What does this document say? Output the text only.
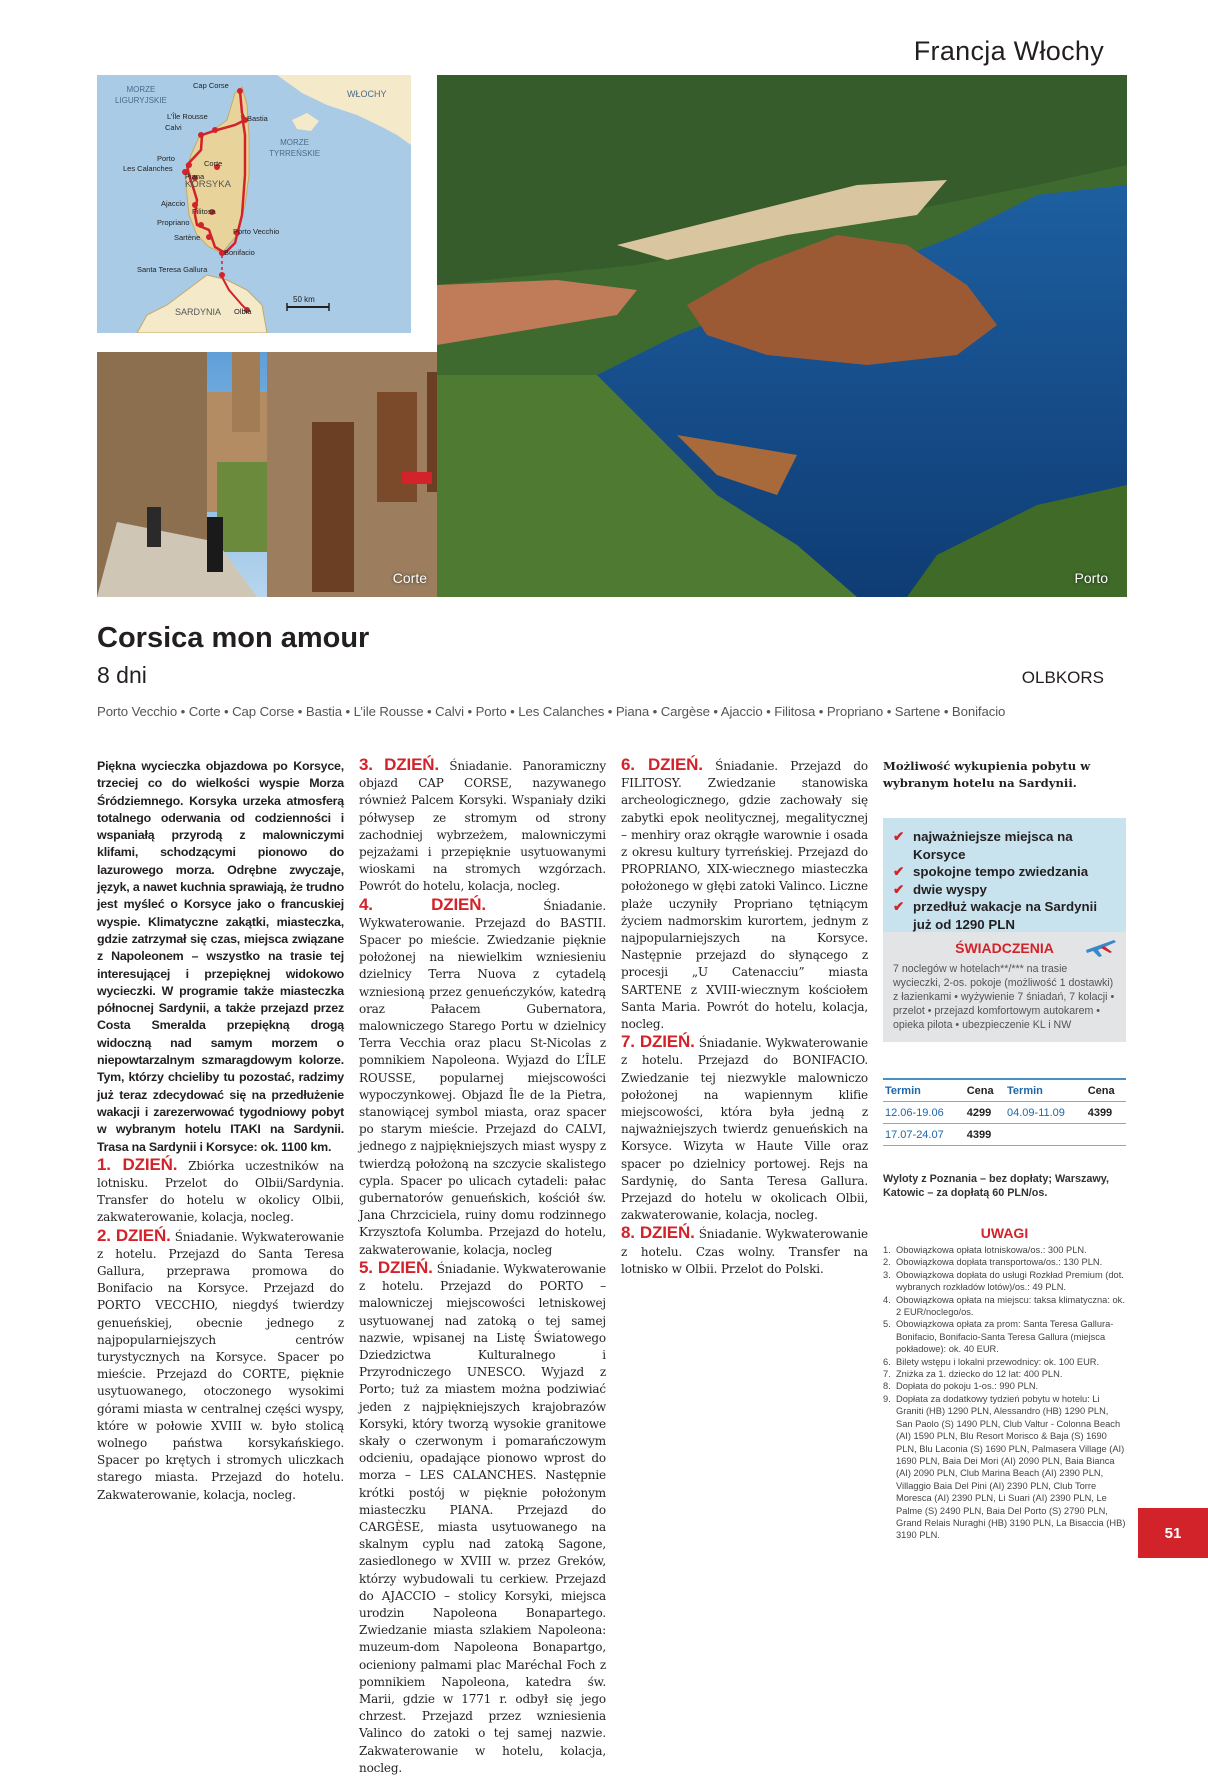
Francja Włochy
MORZE
LIGURYJSKIE
MORZE
TYRREŃSKIE
WŁOCHY
KORSYKA
SARDYNIA
Cap Corse
Bastia
L’Île Rousse
Calvi
Porto
Les Calanches
Corte
Piana
Ajaccio
Filitosa
Propriano
Porto Vecchio
Sartène
Bonifacio
Santa Teresa Gallura
Olbia
50 km
Corte	Porto
Corsica mon amour
8 dni	OLBKORS
Porto Vecchio • Corte • Cap Corse • Bastia • L’ile Rousse • Calvi • Porto • Les Calanches • Piana • Cargèse • Ajaccio • Filitosa • Propriano • Sartene • Bonifacio

Piękna wycieczka objazdowa po Korsyce, trzeciej co do wielkości wyspie Morza Śródziemnego. Korsyka urzeka atmosferą totalnego oderwania od codzienności i wspaniałą przyrodą z malowniczymi klifami, schodzącymi pionowo do lazurowego morza. Odrębne zwyczaje, język, a nawet kuchnia sprawiają, że trudno jest myśleć o Korsyce jako o francuskiej wyspie. Klimatyczne zakątki, miasteczka, gdzie zatrzymał się czas, miejsca związane z Napoleonem – wszystko na trasie tej interesującej i przepięknej widokowo wycieczki. W programie także miasteczka północnej Sardynii, a także przejazd przez Costa Smeralda przepiękną drogą widoczną nad samym morzem o niepowtarzalnym szmaragdowym kolorze. Tym, którzy chcieliby tu pozostać, radzimy już teraz zdecydować się na przedłużenie wakacji i zarezerwować tygodniowy pobyt w wybranym hotelu ITAKI na Sardynii. Trasa na Sardynii i Korsyce: ok. 1100 km.

1. DZIEŃ. Zbiórka uczestników na lotnisku. Przelot do Olbii/Sardynia. Transfer do hotelu w okolicy Olbii, zakwaterowanie, kolacja, nocleg.

2. DZIEŃ. Śniadanie. Wykwaterowanie z hotelu. Przejazd do Santa Teresa Gallura, przeprawa promowa do Bonifacio na Korsyce. Przejazd do PORTO VECCHIO, niegdyś twierdzy genueńskiej, obecnie jednego z najpopularniejszych centrów turystycznych na Korsyce. Spacer po mieście. Przejazd do CORTE, pięknie usytuowanego, otoczonego wysokimi górami miasta w centralnej części wyspy, które w połowie XVIII w. było stolicą wolnego państwa korsykańskiego. Spacer po krętych i stromych uliczkach starego miasta. Przejazd do hotelu. Zakwaterowanie, kolacja, nocleg.

3. DZIEŃ. Śniadanie. Panoramiczny objazd CAP CORSE, nazywanego również Palcem Korsyki. Wspaniały dziki półwysep ze stromym od strony zachodniej wybrzeżem, malowniczymi pejzażami i przepięknie usytuowanymi wioskami na stromych wzgórzach. Powrót do hotelu, kolacja, nocleg.

4. DZIEŃ.	Śniadanie. Wykwaterowanie. Przejazd do BASTII. Spacer po mieście. Zwiedzanie pięknie położonej na niewielkim wzniesieniu dzielnicy Terra Nuova z cytadelą wzniesioną przez genueńczyków, katedrą oraz Pałacem Gubernatora, malowniczego Starego Portu w dzielnicy Terra Vecchia oraz placu St-Nicolas z pomnikiem Napoleona. Wyjazd do L’ÎLE ROUSSE, popularnej miejscowości wypoczynkowej. Objazd Île de la Pietra, stanowiącej symbol miasta, oraz spacer po starym mieście. Przejazd do CALVI, jednego z najpiękniejszych miast wyspy z twierdzą położoną na szczycie skalistego cypla. Spacer po ulicach cytadeli: pałac gubernatorów genueńskich, kościół św. Jana Chrzciciela, ruiny domu rodzinnego Krzysztofa Kolumba. Przejazd do hotelu, zakwaterowanie, kolacja, nocleg

5. DZIEŃ. Śniadanie. Wykwaterowanie z hotelu. Przejazd do PORTO – malowniczej miejscowości letniskowej usytuowanej nad zatoką o tej samej nazwie, wpisanej na Listę Światowego Dziedzictwa Kulturalnego i Przyrodniczego UNESCO. Wyjazd z Porto; tuż za miastem można podziwiać jeden z najpiękniejszych krajobrazów Korsyki, który tworzą wysokie granitowe skały o czerwonym i pomarańczowym odcieniu, opadające pionowo wprost do morza – LES CALANCHES. Następnie krótki postój w pięknie położonym miasteczku PIANA. Przejazd do CARGÈSE, miasta usytuowanego na skalnym cyplu nad zatoką Sagone, zasiedlonego w XVIII w. przez Greków, którzy wybudowali tu cerkiew. Przejazd do AJACCIO – stolicy Korsyki, miejsca urodzin Napoleona Bonapartego. Zwiedzanie miasta szlakiem Napoleona: muzeum-dom Napoleona Bonapartgo, ocieniony palmami plac Maréchal Foch z pomnikiem Napoleona, katedra św. Marii, gdzie w 1771 r. odbył się jego chrzest. Przejazd przez wzniesienia Valinco do zatoki o tej samej nazwie. Zakwaterowanie w hotelu, kolacja, nocleg.

6. DZIEŃ. Śniadanie. Przejazd do FILITOSY. Zwiedzanie stanowiska archeologicznego, gdzie zachowały się zabytki epok neolitycznej, megalitycznej – menhiry oraz okrągłe warownie i osada z okresu kultury tyrreńskiej. Przejazd do PROPRIANO, XIX-wiecznego miasteczka położonego w głębi zatoki Valinco. Liczne plaże uczyniły Propriano tętniącym życiem nadmorskim kurortem, jednym z najpopularniejszych na Korsyce. Następnie przejazd do słynącego z procesji „U Catenacciu” miasta SARTENE z XVIII-wiecznym kościołem Santa Maria. Powrót do hotelu, kolacja, nocleg.

7. DZIEŃ. Śniadanie. Wykwaterowanie z hotelu. Przejazd do BONIFACIO. Zwiedzanie tej niezwykle malowniczo położonej na wapiennym klifie miejscowości, która była jedną z najważniejszych twierdz genueńskich na Korsyce. Wizyta w Haute Ville oraz spacer po dzielnicy portowej. Rejs na Sardynię, do Santa Teresa Gallura. Przejazd do hotelu w okolicach Olbii, zakwaterowanie, kolacja, nocleg.

8. DZIEŃ. Śniadanie. Wykwaterowanie z hotelu. Czas wolny. Transfer na lotnisko w Olbii. Przelot do Polski.

Możliwość wykupienia pobytu w wybranym hotelu na Sardynii.
✔ najważniejsze miejsca na Korsyce
✔ spokojne tempo zwiedzania
✔ dwie wyspy
✔ przedłuż wakacje na Sardynii już od 1290 PLN
ŚWIADCZENIA
7 noclegów w hotelach**/*** na trasie wycieczki, 2-os. pokoje (możliwość 1 dostawki) z łazienkami • wyżywienie 7 śniadań, 7 kolacji • przelot • przejazd komfortowym autokarem • opieka pilota • ubezpieczenie KL i NW
Termin	Cena	Termin	Cena
12.06-19.06	4299	04.09-11.09	4399
17.07-24.07	4399		
Wyloty z Poznania – bez dopłaty; Warszawy, Katowic – za dopłatą 60 PLN/os.
UWAGI
1. Obowiązkowa opłata lotniskowa/os.: 300 PLN.
2. Obowiązkowa dopłata transportowa/os.: 130 PLN.
3. Obowiązkowa dopłata do usługi Rozkład Premium (dot. wybranych rozkładów lotów)/os.: 49 PLN.
4. Obowiązkowa opłata na miejscu: taksa klimatyczna: ok. 2 EUR/noclego/os.
5. Obowiązkowa opłata za prom: Santa Teresa Gallura-Bonifacio, Bonifacio-Santa Teresa Gallura (miejsca pokładowe): ok. 40 EUR.
6. Bilety wstępu i lokalni przewodnicy: ok. 100 EUR.
7. Zniżka za 1. dziecko do 12 lat: 400 PLN.
8. Dopłata do pokoju 1-os.: 990 PLN.
9. Dopłata za dodatkowy tydzień pobytu w hotelu: Li Graniti (HB) 1290 PLN, Alessandro (HB) 1290 PLN, San Paolo (S) 1490 PLN, Club Valtur - Colonna Beach (AI) 1590 PLN, Blu Resort Morisco & Baja (S) 1690 PLN, Blu Laconia (S) 1690 PLN, Palmasera Village (AI) 1690 PLN, Baia Dei Mori (AI) 2090 PLN, Baia Bianca (AI) 2090 PLN, Club Marina Beach (AI) 2390 PLN, Villaggio Baia Del Pini (AI) 2390 PLN, Club Torre Moresca (AI) 2390 PLN, Li Suari (AI) 2390 PLN, Le Palme (S) 2490 PLN, Baia Del Porto (S) 2790 PLN, Grand Relais Nuraghi (HB) 3190 PLN, La Bisaccia (HB) 3190 PLN.	51
